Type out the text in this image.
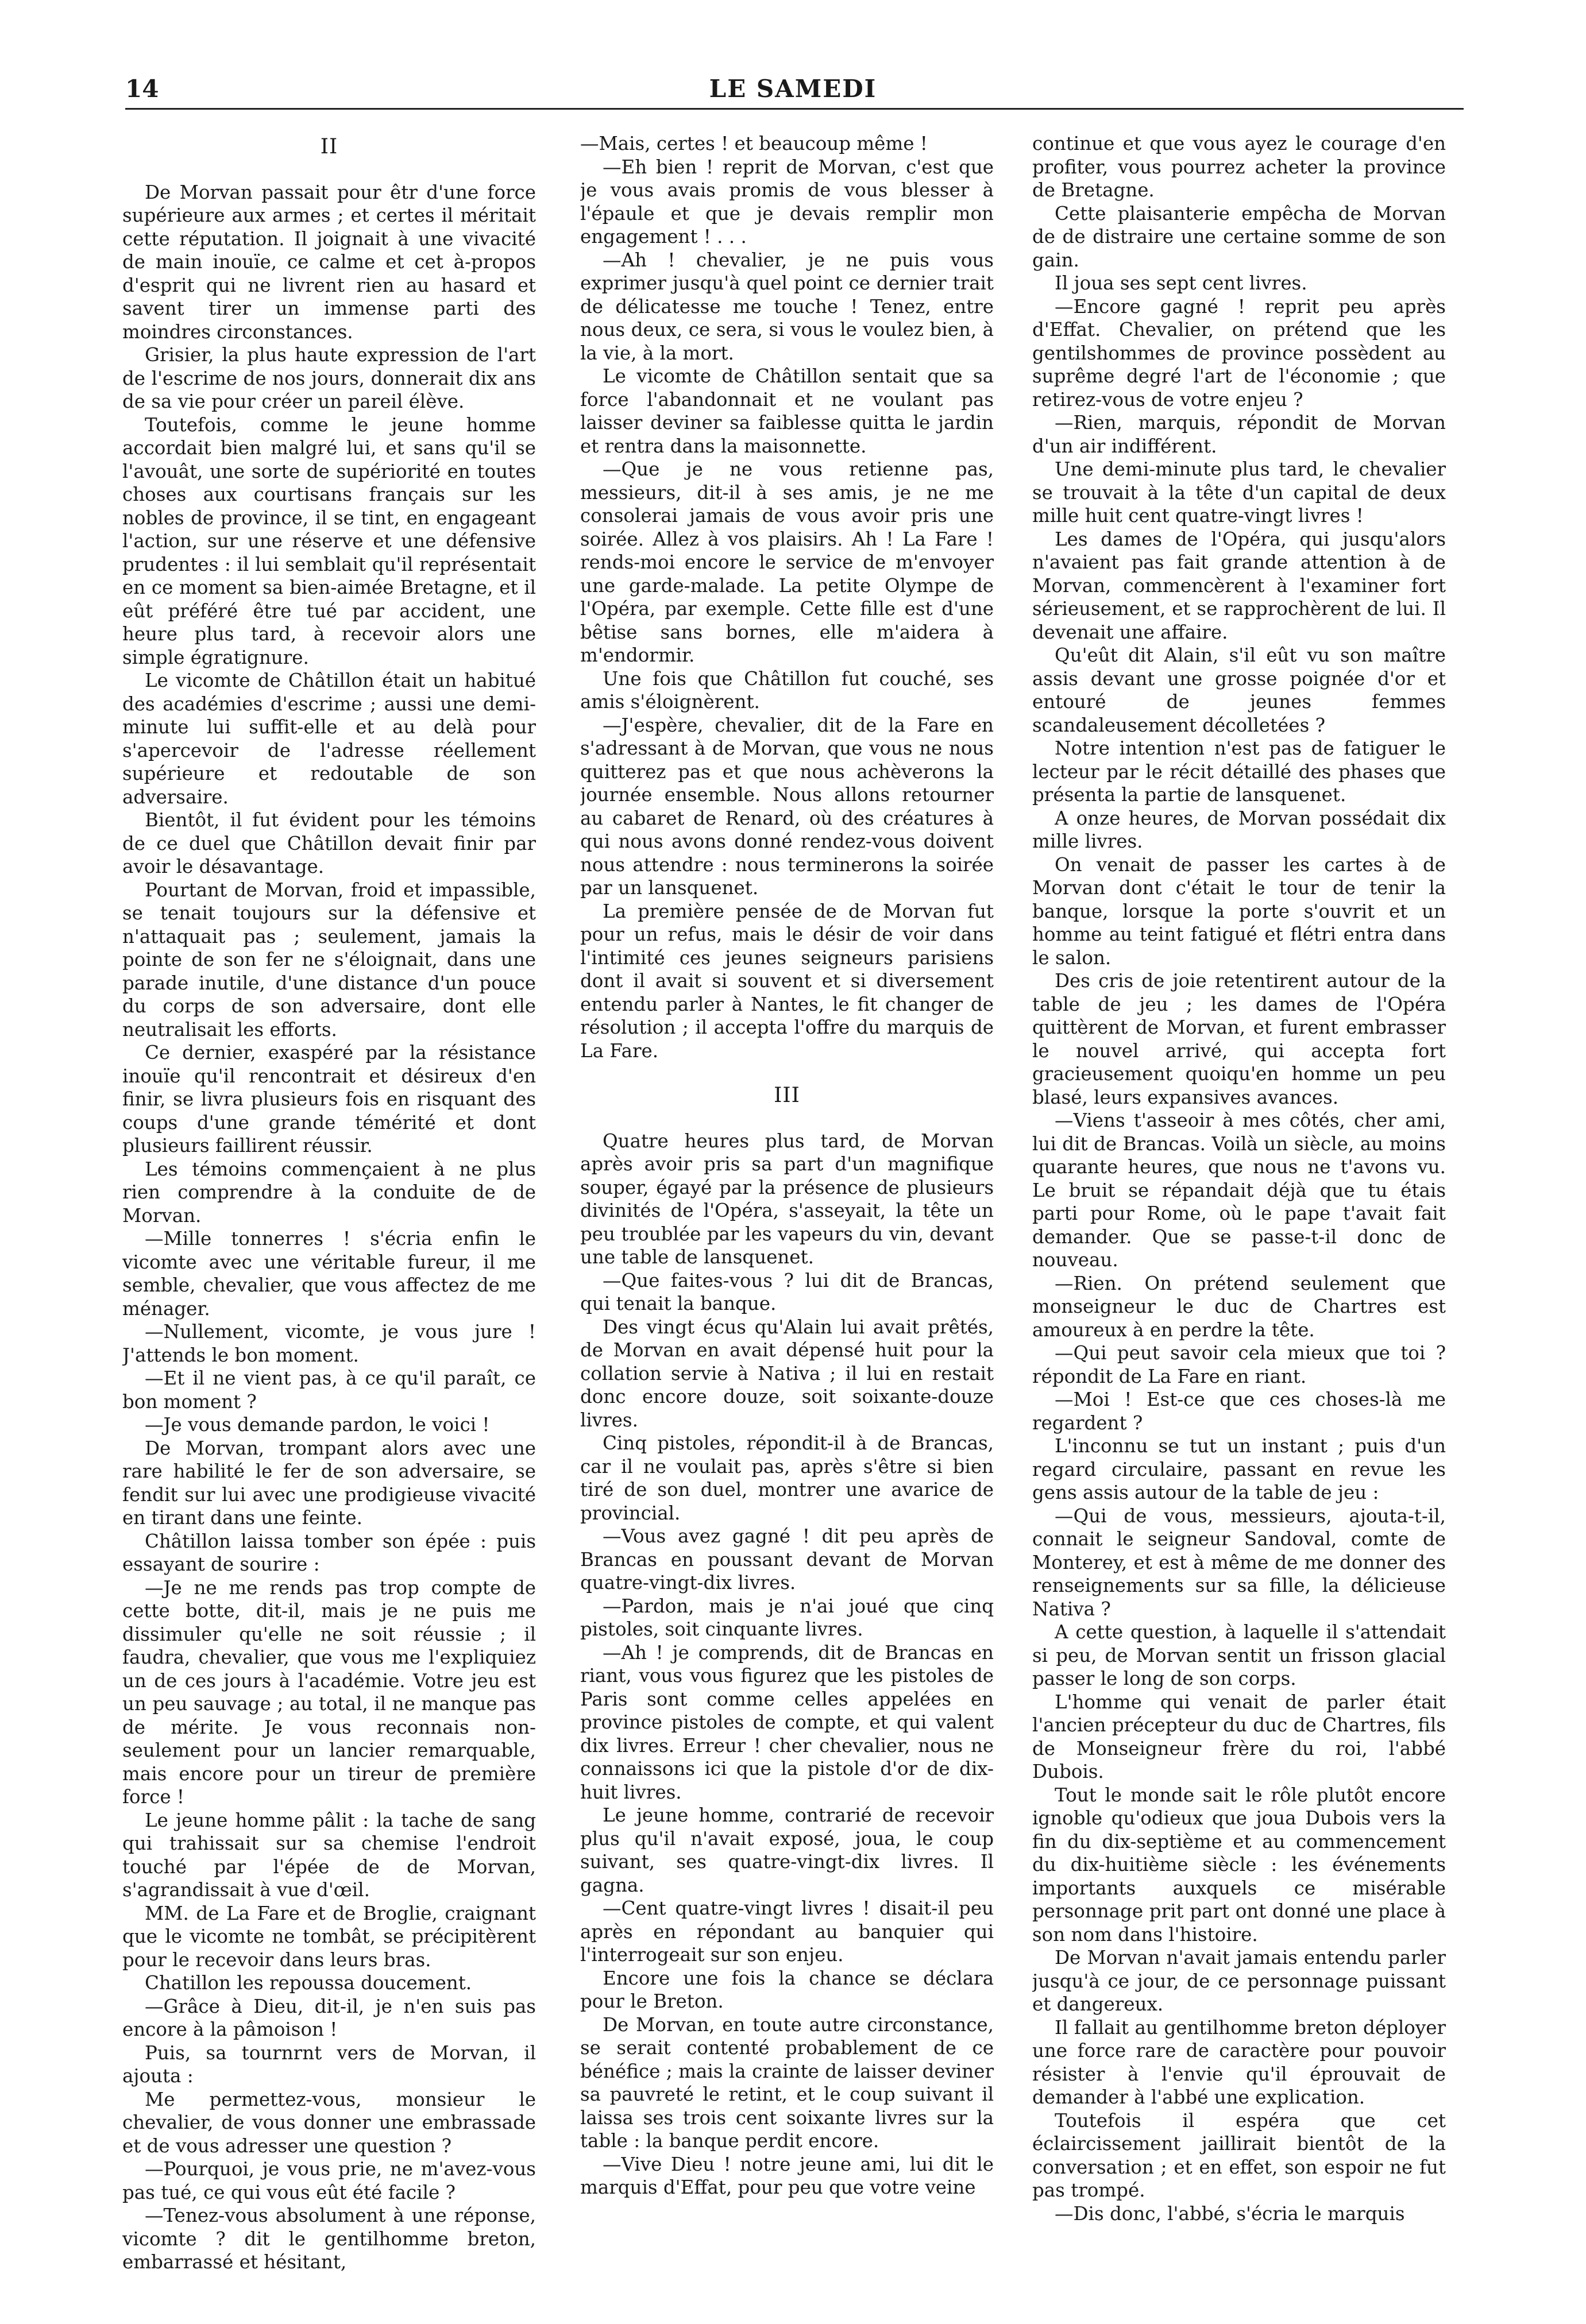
14	LE SAMEDI
II

De Morvan passait pour êtr d'une force supérieure aux armes ; et certes il méritait cette réputation. Il joignait à une vivacité de main inouïe, ce calme et cet à-propos d'esprit qui ne livrent rien au hasard et savent tirer un immense parti des moindres circonstances.

Grisier, la plus haute expression de l'art de l'escrime de nos jours, donnerait dix ans de sa vie pour créer un pareil élève.

Toutefois, comme le jeune homme accordait bien malgré lui, et sans qu'il se l'avouât, une sorte de supériorité en toutes choses aux courtisans français sur les nobles de province, il se tint, en engageant l'action, sur une réserve et une défensive prudentes : il lui semblait qu'il représentait en ce moment sa bien-aimée Bretagne, et il eût préféré être tué par accident, une heure plus tard, à recevoir alors une simple égratignure.

Le vicomte de Châtillon était un habitué des académies d'escrime ; aussi une demi-minute lui suffit-elle et au delà pour s'apercevoir de l'adresse réellement supérieure et redoutable de son adversaire.

Bientôt, il fut évident pour les témoins de ce duel que Châtillon devait finir par avoir le désavantage.

Pourtant de Morvan, froid et impassible, se tenait toujours sur la défensive et n'attaquait pas ; seulement, jamais la pointe de son fer ne s'éloignait, dans une parade inutile, d'une distance d'un pouce du corps de son adversaire, dont elle neutralisait les efforts.

Ce dernier, exaspéré par la résistance inouïe qu'il rencontrait et désireux d'en finir, se livra plusieurs fois en risquant des coups d'une grande témérité et dont plusieurs faillirent réussir.

Les témoins commençaient à ne plus rien comprendre à la conduite de de Morvan.

—Mille tonnerres ! s'écria enfin le vicomte avec une véritable fureur, il me semble, chevalier, que vous affectez de me ménager.

—Nullement, vicomte, je vous jure ! J'attends le bon moment.

—Et il ne vient pas, à ce qu'il paraît, ce bon moment ?

—Je vous demande pardon, le voici !

De Morvan, trompant alors avec une rare habilité le fer de son adversaire, se fendit sur lui avec une prodigieuse vivacité en tirant dans une feinte.

Châtillon laissa tomber son épée : puis essayant de sourire :

—Je ne me rends pas trop compte de cette botte, dit-il, mais je ne puis me dissimuler qu'elle ne soit réussie ; il faudra, chevalier, que vous me l'expliquiez un de ces jours à l'académie. Votre jeu est un peu sauvage ; au total, il ne manque pas de mérite. Je vous reconnais non-seulement pour un lancier remarquable, mais encore pour un tireur de première force !

Le jeune homme pâlit : la tache de sang qui trahissait sur sa chemise l'endroit touché par l'épée de de Morvan, s'agrandissait à vue d'œil.

MM. de La Fare et de Broglie, craignant que le vicomte ne tombât, se précipitèrent pour le recevoir dans leurs bras.

Chatillon les repoussa doucement.

—Grâce à Dieu, dit-il, je n'en suis pas encore à la pâmoison !

Puis, sa tournrnt vers de Morvan, il ajouta :

Me permettez-vous, monsieur le chevalier, de vous donner une embrassade et de vous adresser une question ?

—Pourquoi, je vous prie, ne m'avez-vous pas tué, ce qui vous eût été facile ?

—Tenez-vous absolument à une réponse, vicomte ? dit le gentilhomme breton, embarrassé et hésitant,

—Mais, certes ! et beaucoup même !

—Eh bien ! reprit de Morvan, c'est que je vous avais promis de vous blesser à l'épaule et que je devais remplir mon engagement ! . . .

—Ah ! chevalier, je ne puis vous exprimer jusqu'à quel point ce dernier trait de délicatesse me touche ! Tenez, entre nous deux, ce sera, si vous le voulez bien, à la vie, à la mort.

Le vicomte de Châtillon sentait que sa force l'abandonnait et ne voulant pas laisser deviner sa faiblesse quitta le jardin et rentra dans la maisonnette.

—Que je ne vous retienne pas, messieurs, dit-il à ses amis, je ne me consolerai jamais de vous avoir pris une soirée. Allez à vos plaisirs. Ah ! La Fare ! rends-moi encore le service de m'envoyer une garde-malade. La petite Olympe de l'Opéra, par exemple. Cette fille est d'une bêtise sans bornes, elle m'aidera à m'endormir.

Une fois que Châtillon fut couché, ses amis s'éloignèrent.

—J'espère, chevalier, dit de la Fare en s'adressant à de Morvan, que vous ne nous quitterez pas et que nous achèverons la journée ensemble. Nous allons retourner au cabaret de Renard, où des créatures à qui nous avons donné rendez-vous doivent nous attendre : nous terminerons la soirée par un lansquenet.

La première pensée de de Morvan fut pour un refus, mais le désir de voir dans l'intimité ces jeunes seigneurs parisiens dont il avait si souvent et si diversement entendu parler à Nantes, le fit changer de résolution ; il accepta l'offre du marquis de La Fare.

III

Quatre heures plus tard, de Morvan après avoir pris sa part d'un magnifique souper, égayé par la présence de plusieurs divinités de l'Opéra, s'asseyait, la tête un peu troublée par les vapeurs du vin, devant une table de lansquenet.

—Que faites-vous ? lui dit de Brancas, qui tenait la banque.

Des vingt écus qu'Alain lui avait prêtés, de Morvan en avait dépensé huit pour la collation servie à Nativa ; il lui en restait donc encore douze, soit soixante-douze livres.

Cinq pistoles, répondit-il à de Brancas, car il ne voulait pas, après s'être si bien tiré de son duel, montrer une avarice de provincial.

—Vous avez gagné ! dit peu après de Brancas en poussant devant de Morvan quatre-vingt-dix livres.

—Pardon, mais je n'ai joué que cinq pistoles, soit cinquante livres.

—Ah ! je comprends, dit de Brancas en riant, vous vous figurez que les pistoles de Paris sont comme celles appelées en province pistoles de compte, et qui valent dix livres. Erreur ! cher chevalier, nous ne connaissons ici que la pistole d'or de dix-huit livres.

Le jeune homme, contrarié de recevoir plus qu'il n'avait exposé, joua, le coup suivant, ses quatre-vingt-dix livres. Il gagna.

—Cent quatre-vingt livres ! disait-il peu après en répondant au banquier qui l'interrogeait sur son enjeu.

Encore une fois la chance se déclara pour le Breton.

De Morvan, en toute autre circonstance, se serait contenté probablement de ce bénéfice ; mais la crainte de laisser deviner sa pauvreté le retint, et le coup suivant il laissa ses trois cent soixante livres sur la table : la banque perdit encore.

—Vive Dieu ! notre jeune ami, lui dit le marquis d'Effat, pour peu que votre veine

continue et que vous ayez le courage d'en profiter, vous pourrez acheter la province de Bretagne.

Cette plaisanterie empêcha de Morvan de de distraire une certaine somme de son gain.

Il joua ses sept cent livres.

—Encore gagné ! reprit peu après d'Effat. Chevalier, on prétend que les gentilshommes de province possèdent au suprême degré l'art de l'économie ; que retirez-vous de votre enjeu ?

—Rien, marquis, répondit de Morvan d'un air indifférent.

Une demi-minute plus tard, le chevalier se trouvait à la tête d'un capital de deux mille huit cent quatre-vingt livres !

Les dames de l'Opéra, qui jusqu'alors n'avaient pas fait grande attention à de Morvan, commencèrent à l'examiner fort sérieusement, et se rapprochèrent de lui. Il devenait une affaire.

Qu'eût dit Alain, s'il eût vu son maître assis devant une grosse poignée d'or et entouré de jeunes femmes scandaleusement décolletées ?

Notre intention n'est pas de fatiguer le lecteur par le récit détaillé des phases que présenta la partie de lansquenet.

A onze heures, de Morvan possédait dix mille livres.

On venait de passer les cartes à de Morvan dont c'était le tour de tenir la banque, lorsque la porte s'ouvrit et un homme au teint fatigué et flétri entra dans le salon.

Des cris de joie retentirent autour de la table de jeu ; les dames de l'Opéra quittèrent de Morvan, et furent embrasser le nouvel arrivé, qui accepta fort gracieusement quoiqu'en homme un peu blasé, leurs expansives avances.

—Viens t'asseoir à mes côtés, cher ami, lui dit de Brancas. Voilà un siècle, au moins quarante heures, que nous ne t'avons vu. Le bruit se répandait déjà que tu étais parti pour Rome, où le pape t'avait fait demander. Que se passe-t-il donc de nouveau.

—Rien. On prétend seulement que monseigneur le duc de Chartres est amoureux à en perdre la tête.

—Qui peut savoir cela mieux que toi ? répondit de La Fare en riant.

—Moi ! Est-ce que ces choses-là me regardent ?

L'inconnu se tut un instant ; puis d'un regard circulaire, passant en revue les gens assis autour de la table de jeu :

—Qui de vous, messieurs, ajouta-t-il, connait le seigneur Sandoval, comte de Monterey, et est à même de me donner des renseignements sur sa fille, la délicieuse Nativa ?

A cette question, à laquelle il s'attendait si peu, de Morvan sentit un frisson glacial passer le long de son corps.

L'homme qui venait de parler était l'ancien précepteur du duc de Chartres, fils de Monseigneur frère du roi, l'abbé Dubois.

Tout le monde sait le rôle plutôt encore ignoble qu'odieux que joua Dubois vers la fin du dix-septième et au commencement du dix-huitième siècle : les événements importants auxquels ce misérable personnage prit part ont donné une place à son nom dans l'histoire.

De Morvan n'avait jamais entendu parler jusqu'à ce jour, de ce personnage puissant et dangereux.

Il fallait au gentilhomme breton déployer une force rare de caractère pour pouvoir résister à l'envie qu'il éprouvait de demander à l'abbé une explication.

Toutefois il espéra que cet éclaircissement jaillirait bientôt de la conversation ; et en effet, son espoir ne fut pas trompé.

—Dis donc, l'abbé, s'écria le marquis
